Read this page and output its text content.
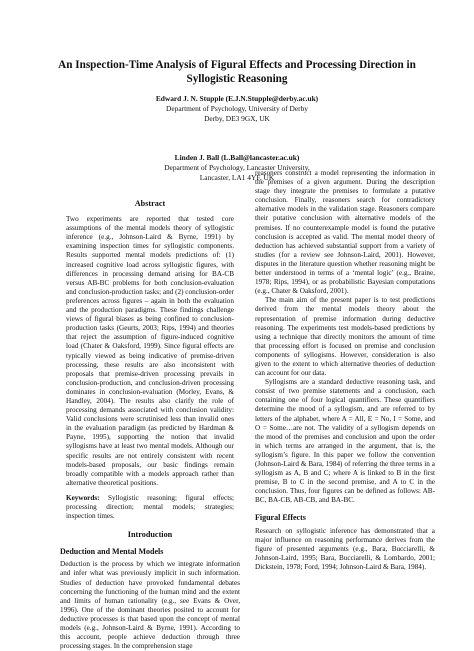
An Inspection-Time Analysis of Figural Effects and Processing Direction in
Syllogistic Reasoning
Edward J. N. Stupple (E.J.N.Stupple@derby.ac.uk)
Department of Psychology, University of Derby
Derby, DE3 9GX, UK
Linden J. Ball (L.Ball@lancaster.ac.uk)
Department of Psychology, Lancaster University,
Lancaster, LA1 4YF, UK
Abstract
Two experiments are reported that tested core assumptions of the mental models theory of syllogistic inference (e.g., Johnson-Laird & Byrne, 1991) by examining inspection times for syllogistic components. Results supported mental models predictions of: (1) increased cognitive load across syllogistic figures, with differences in processing demand arising for BA-CB versus AB-BC problems for both conclusion-evaluation and conclusion-production tasks; and (2) conclusion-order preferences across figures – again in both the evaluation and the production paradigms. These findings challenge views of figural biases as being confined to conclusion-production tasks (Geurts, 2003; Rips, 1994) and theories that reject the assumption of figure-induced cognitive load (Chater & Oaksford, 1999). Since figural effects are typically viewed as being indicative of premise-driven processing, these results are also inconsistent with proposals that premise-driven processing prevails in conclusion-production, and conclusion-driven processing dominates in conclusion-evaluation (Morley, Evans, & Handley, 2004). The results also clarify the role of processing demands associated with conclusion validity: Valid conclusions were scrutinised less than invalid ones in the evaluation paradigm (as predicted by Hardman & Payne, 1995), supporting the notion that invalid syllogisms have at least two mental models. Although our specific results are not entirely consistent with recent models-based proposals, our basic findings remain broadly compatible with a models approach rather than alternative theoretical positions.
Keywords: Syllogistic reasoning; figural effects; processing direction; mental models; strategies; inspection times.
Introduction
Deduction and Mental Models

Deduction is the process by which we integrate information and infer what was previously implicit in such information. Studies of deduction have provoked fundamental debates concerning the functioning of the human mind and the extent and limits of human rationality (e.g., see Evans & Over, 1996). One of the dominant theories posited to account for deductive processes is that based upon the concept of mental models (e.g., Johnson-Laird & Byrne, 1991). According to this account, people achieve deduction through three processing stages. In the comprehension stage

reasoners construct a model representing the information in the premises of a given argument. During the description stage they integrate the premises to formulate a putative conclusion. Finally, reasoners search for contradictory alternative models in the validation stage. Reasoners compare their putative conclusion with alternative models of the premises. If no counterexample model is found the putative conclusion is accepted as valid. The mental model theory of deduction has achieved substantial support from a variety of studies (for a review see Johnson-Laird, 2001). However, disputes in the literature question whether reasoning might be better understood in terms of a ‘mental logic’ (e.g., Braine, 1978; Rips, 1994), or as probabilistic Bayesian computations (e.g., Chater & Oaksford, 2001).

The main aim of the present paper is to test predictions derived from the mental models theory about the representation of premise information during deductive reasoning. The experiments test models-based predictions by using a technique that directly monitors the amount of time that processing effort is focused on premise and conclusion components of syllogisms. However, consideration is also given to the extent to which alternative theories of deduction can account for our data.

Syllogisms are a standard deductive reasoning task, and consist of two premise statements and a conclusion, each containing one of four logical quantifiers. These quantifiers determine the mood of a syllogism, and are referred to by letters of the alphabet, where A = All, E = No, I = Some, and O = Some…are not. The validity of a syllogism depends on the mood of the premises and conclusion and upon the order in which terms are arranged in the argument, that is, the syllogism’s figure. In this paper we follow the convention (Johnson-Laird & Bara, 1984) of referring the three terms in a syllogism as A, B and C; where A is linked to B in the first premise, B to C in the second premise, and A to C in the conclusion. Thus, four figures can be defined as follows: AB-BC, BA-CB, AB-CB, and BA-BC.

Figural Effects

Research on syllogistic inference has demonstrated that a major influence on reasoning performance derives from the figure of presented arguments (e.g., Bara, Bucciarelli, & Johnson-Laird, 1995; Bara, Bucciarelli, & Lombardo, 2001; Dickstein, 1978; Ford, 1994; Johnson-Laird & Bara, 1984).
